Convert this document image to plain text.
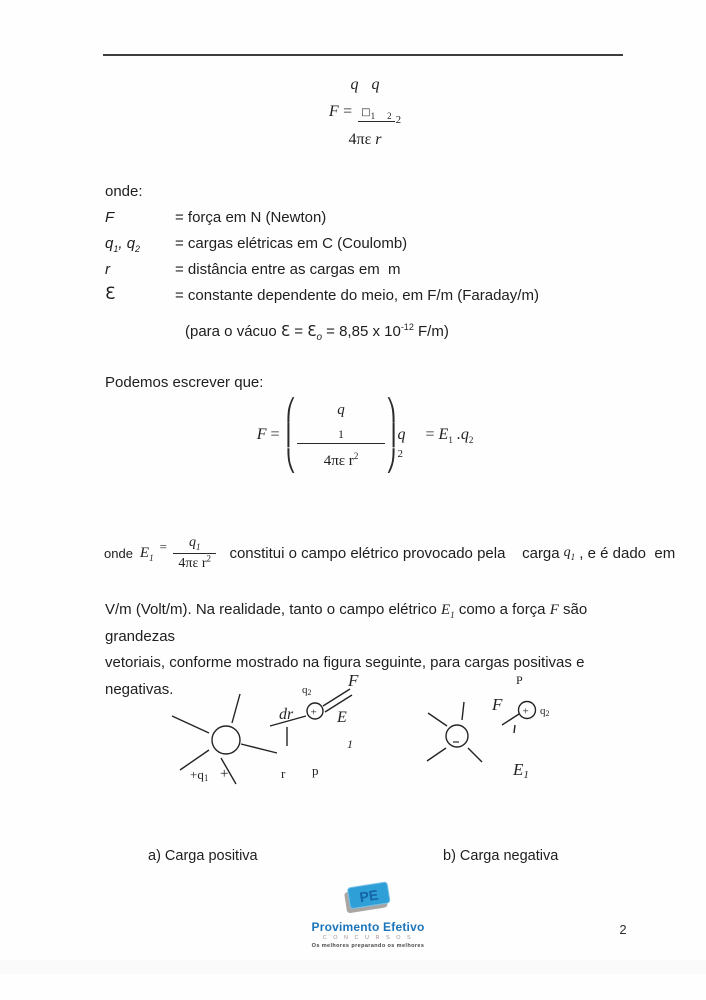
q q
$F = □_1$ $_2$ $_2$
4πε r
onde:
F	= força em N (Newton)
$q_1$, $q_2$	= cargas elétricas em C (Coulomb)
r	= distância entre as cargas em  m
Ɛ	= constante dependente do meio, em F/m (Faraday/m)
(para o vácuo Ɛ = $Ɛ_o = 8,85$ x $10^{-12}$ F/m)
Podemos escrever que:
F =
⎛
⎜
⎝
q
1
4πε $r^2$
⎞
⎟
⎠
q
2
= $E_1$ $.q_2$
onde $E_1$
= $\frac{q_1}{4\pi\varepsilon r^2}$ constitui o campo elétrico provocado pela    carga $q_1$ , e é dado  em
V/m (Volt/m). Na realidade, tanto o campo elétrico $E_1$ como a força F são grandezas
vetoriais, conforme mostrado na figura seguinte, para cargas positivas e negativas.
+
q2
dr
F
E
1
+q1 +	r p
P
F + q2
E1
a) Carga positiva	b) Carga negativa
PE
Provimento Efetivo
C O N C U R S O S
Os melhores preparando os melhores
2
